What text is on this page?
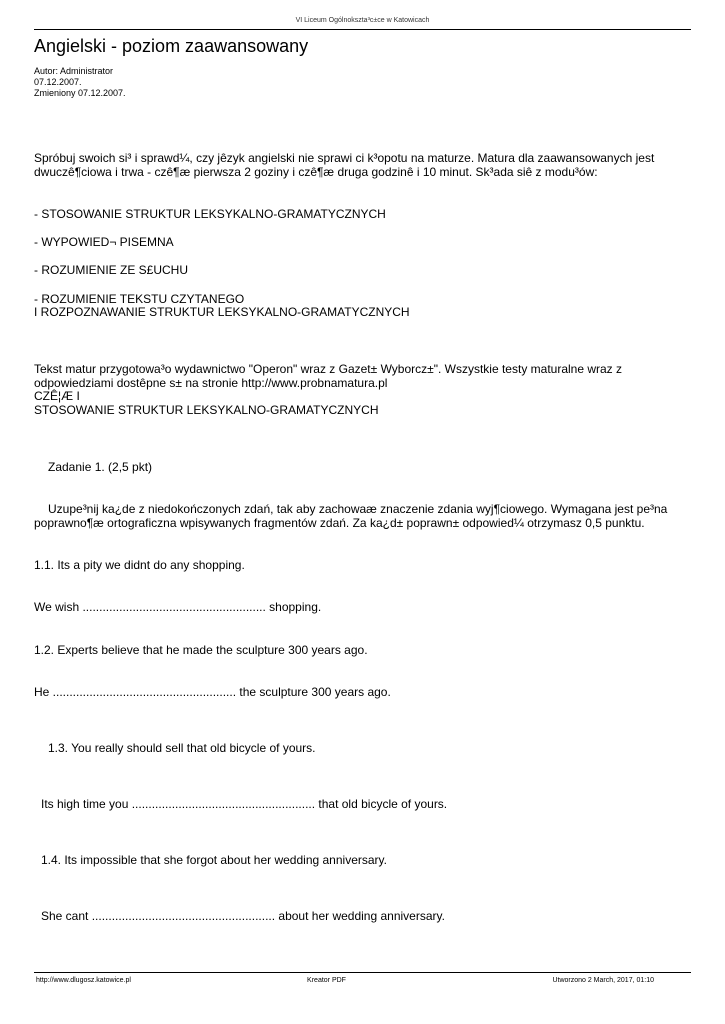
VI Liceum Ogólnokszta³c±ce w Katowicach
Angielski - poziom zaawansowany
Autor: Administrator
07.12.2007.
Zmieniony 07.12.2007.
Spróbuj swoich si³ i sprawd¼, czy jêzyk angielski nie sprawi ci k³opotu na maturze. Matura dla zaawansowanych jest
dwuczê¶ciowa i trwa - czê¶æ pierwsza 2 goziny i czê¶æ druga godzinê i 10 minut. Sk³ada siê z modu³ów:
- STOSOWANIE STRUKTUR LEKSYKALNO-GRAMATYCZNYCH
- WYPOWIED¬ PISEMNA
- ROZUMIENIE ZE S£UCHU
- ROZUMIENIE TEKSTU CZYTANEGO
I ROZPOZNAWANIE STRUKTUR LEKSYKALNO-GRAMATYCZNYCH
Tekst matur przygotowa³o wydawnictwo "Operon" wraz z Gazet± Wyborcz±". Wszystkie testy maturalne wraz z
odpowiedziami dostêpne s± na stronie http://www.probnamatura.pl
CZÊ¦Æ I
STOSOWANIE STRUKTUR LEKSYKALNO-GRAMATYCZNYCH
Zadanie 1. (2,5 pkt)
Uzupe³nij ka¿de z niedokończonych zdań, tak aby zachowaæ znaczenie zdania wyj¶ciowego. Wymagana jest pe³na
poprawno¶æ ortograficzna wpisywanych fragmentów zdań. Za ka¿d± poprawn± odpowied¼ otrzymasz 0,5 punktu.
1.1. Its a pity we didnt do any shopping.
We wish ....................................................... shopping.
1.2. Experts believe that he made the sculpture 300 years ago.
He ....................................................... the sculpture 300 years ago.
1.3. You really should sell that old bicycle of yours.
Its high time you ....................................................... that old bicycle of yours.
1.4. Its impossible that she forgot about her wedding anniversary.
She cant ....................................................... about her wedding anniversary.
http://www.dlugosz.katowice.pl	Kreator PDF	Utworzono 2 March, 2017, 01:10
